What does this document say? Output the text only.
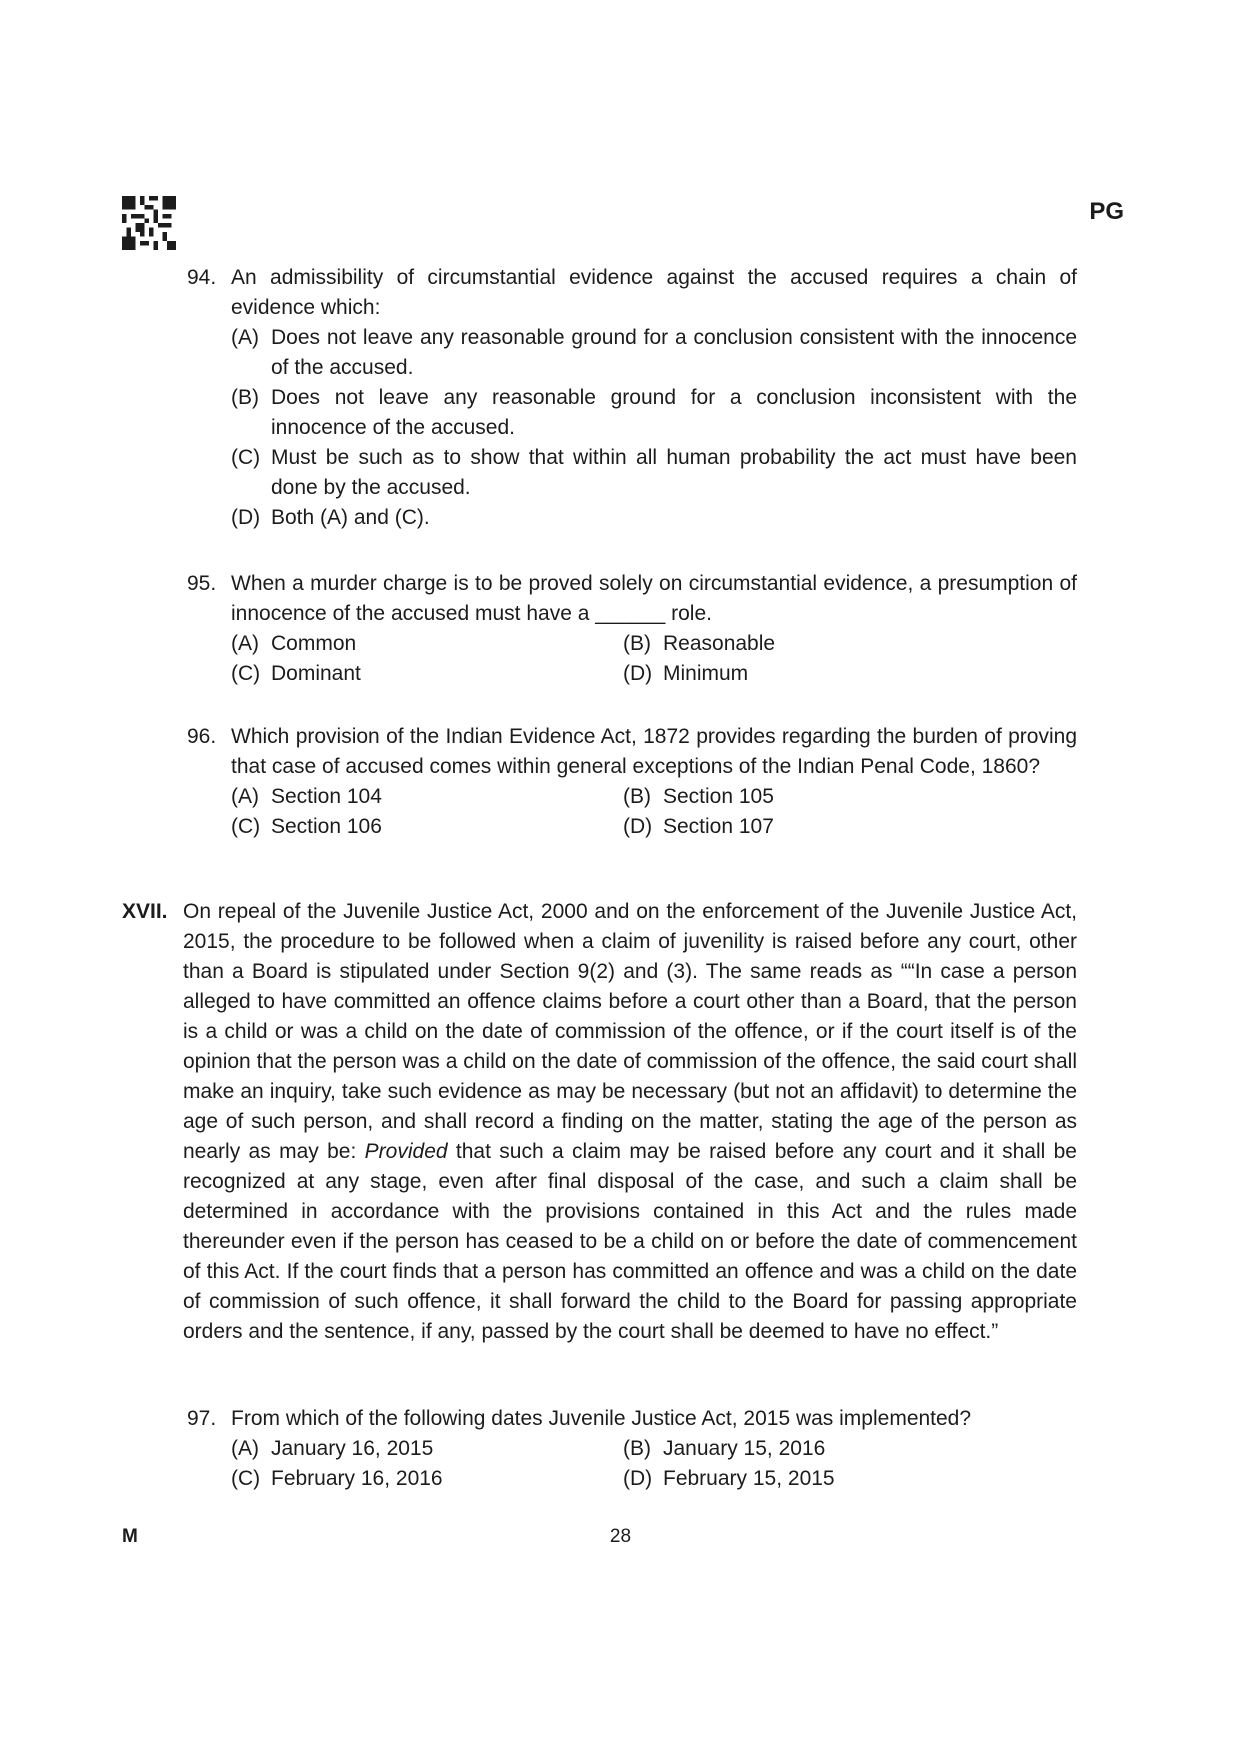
PG
94. An admissibility of circumstantial evidence against the accused requires a chain of evidence which:
(A) Does not leave any reasonable ground for a conclusion consistent with the innocence of the accused.
(B) Does not leave any reasonable ground for a conclusion inconsistent with the innocence of the accused.
(C) Must be such as to show that within all human probability the act must have been done by the accused.
(D) Both (A) and (C).
95. When a murder charge is to be proved solely on circumstantial evidence, a presumption of innocence of the accused must have a ______ role.
(A) Common	(B) Reasonable
(C) Dominant	(D) Minimum
96. Which provision of the Indian Evidence Act, 1872 provides regarding the burden of proving that case of accused comes within general exceptions of the Indian Penal Code, 1860?
(A) Section 104	(B) Section 105
(C) Section 106	(D) Section 107
XVII. On repeal of the Juvenile Justice Act, 2000 and on the enforcement of the Juvenile Justice Act, 2015, the procedure to be followed when a claim of juvenility is raised before any court, other than a Board is stipulated under Section 9(2) and (3). The same reads as ““In case a person alleged to have committed an offence claims before a court other than a Board, that the person is a child or was a child on the date of commission of the offence, or if the court itself is of the opinion that the person was a child on the date of commission of the offence, the said court shall make an inquiry, take such evidence as may be necessary (but not an affidavit) to determine the age of such person, and shall record a finding on the matter, stating the age of the person as nearly as may be: Provided that such a claim may be raised before any court and it shall be recognized at any stage, even after final disposal of the case, and such a claim shall be determined in accordance with the provisions contained in this Act and the rules made thereunder even if the person has ceased to be a child on or before the date of commencement of this Act. If the court finds that a person has committed an offence and was a child on the date of commission of such offence, it shall forward the child to the Board for passing appropriate orders and the sentence, if any, passed by the court shall be deemed to have no effect.”
97. From which of the following dates Juvenile Justice Act, 2015 was implemented?
(A) January 16, 2015	(B) January 15, 2016
(C) February 16, 2016	(D) February 15, 2015
M	28
